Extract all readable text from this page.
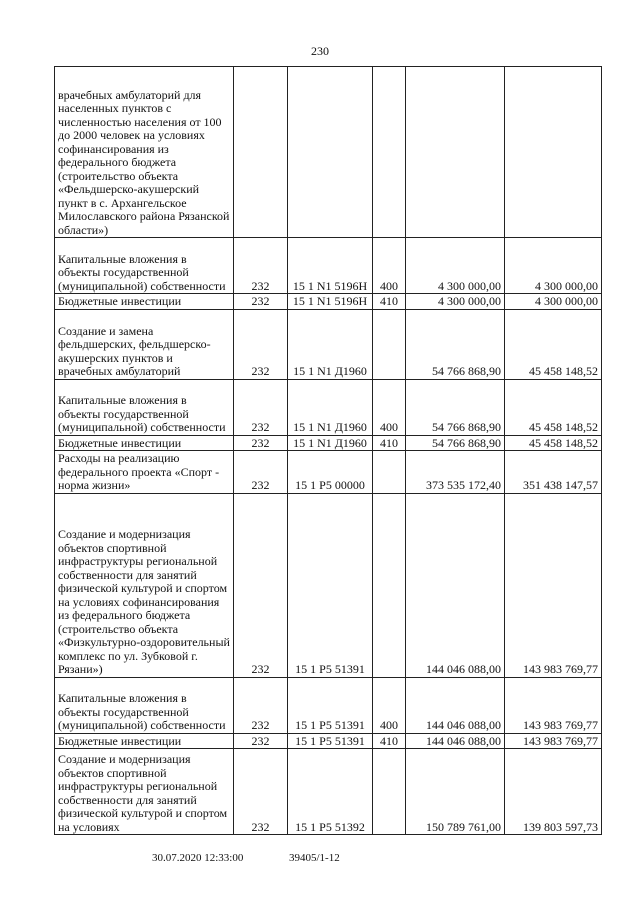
230
врачебных амбулаторий для населенных пунктов с численностью населения от 100 до 2000 человек на условиях софинансирования из федерального бюджета (строительство объекта «Фельдшерско-акушерский пункт в с. Архангельское Милославского района Рязанской области»)					
Капитальные вложения в объекты государственной (муниципальной) собственности	232	15 1 N1 5196Н	400	4 300 000,00	4 300 000,00
Бюджетные инвестиции	232	15 1 N1 5196Н	410	4 300 000,00	4 300 000,00
Создание и замена фельдшерских, фельдшерско-акушерских пунктов и врачебных амбулаторий	232	15 1 N1 Д1960		54 766 868,90	45 458 148,52
Капитальные вложения в объекты государственной (муниципальной) собственности	232	15 1 N1 Д1960	400	54 766 868,90	45 458 148,52
Бюджетные инвестиции	232	15 1 N1 Д1960	410	54 766 868,90	45 458 148,52
Расходы на реализацию федерального проекта «Спорт - норма жизни»	232	15 1 P5 00000		373 535 172,40	351 438 147,57
Создание и модернизация объектов спортивной инфраструктуры региональной собственности для занятий физической культурой и спортом на условиях софинансирования из федерального бюджета (строительство объекта «Физкультурно-оздоровительный комплекс по ул. Зубковой г. Рязани»)	232	15 1 P5 51391		144 046 088,00	143 983 769,77
Капитальные вложения в объекты государственной (муниципальной) собственности	232	15 1 P5 51391	400	144 046 088,00	143 983 769,77
Бюджетные инвестиции	232	15 1 P5 51391	410	144 046 088,00	143 983 769,77
Создание и модернизация объектов спортивной инфраструктуры региональной собственности для занятий физической культурой и спортом на условиях	232	15 1 P5 51392		150 789 761,00	139 803 597,73
30.07.2020 12:33:00	39405/1-12
